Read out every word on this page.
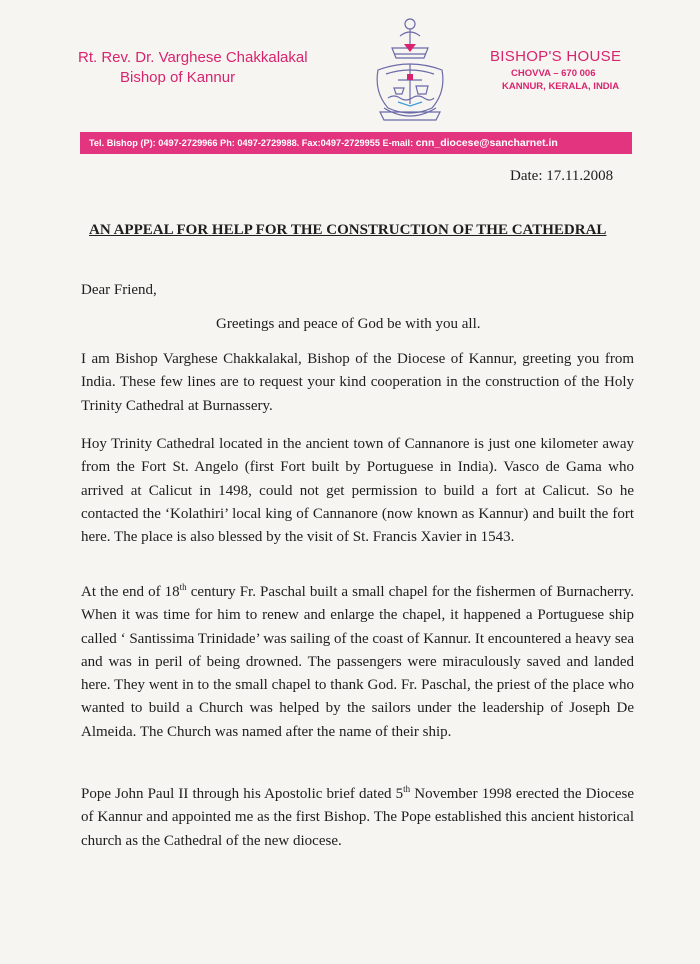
Rt. Rev. Dr. Varghese Chakkalakal
Bishop of Kannur
BISHOP'S HOUSE
CHOVVA – 670 006
KANNUR, KERALA, INDIA
Tel. Bishop (P): 0497-2729966 Ph: 0497-2729988. Fax:0497-2729955 E-mail: cnn_diocese@sancharnet.in
Date: 17.11.2008
AN APPEAL FOR HELP FOR THE CONSTRUCTION OF THE CATHEDRAL
Dear Friend,
Greetings and peace of God be with you all.

I am Bishop Varghese Chakkalakal, Bishop of the Diocese of Kannur, greeting you from India. These few lines are to request your kind cooperation in the construction of the Holy Trinity Cathedral at Burnassery.

Hoy Trinity Cathedral located in the ancient town of Cannanore is just one kilometer away from the Fort St. Angelo (first Fort built by Portuguese in India). Vasco de Gama who arrived at Calicut in 1498, could not get permission to build a fort at Calicut. So he contacted the ‘Kolathiri’ local king of Cannanore (now known as Kannur) and built the fort here. The place is also blessed by the visit of St. Francis Xavier in 1543.

At the end of 18th century Fr. Paschal built a small chapel for the fishermen of Burnacherry. When it was time for him to renew and enlarge the chapel, it happened a Portuguese ship called ‘ Santissima Trinidade’ was sailing of the coast of Kannur. It encountered a heavy sea and was in peril of being drowned. The passengers were miraculously saved and landed here. They went in to the small chapel to thank God. Fr. Paschal, the priest of the place who wanted to build a Church was helped by the sailors under the leadership of Joseph De Almeida. The Church was named after the name of their ship.

Pope John Paul II through his Apostolic brief dated 5th November 1998 erected the Diocese of Kannur and appointed me as the first Bishop. The Pope established this ancient historical church as the Cathedral of the new diocese.
